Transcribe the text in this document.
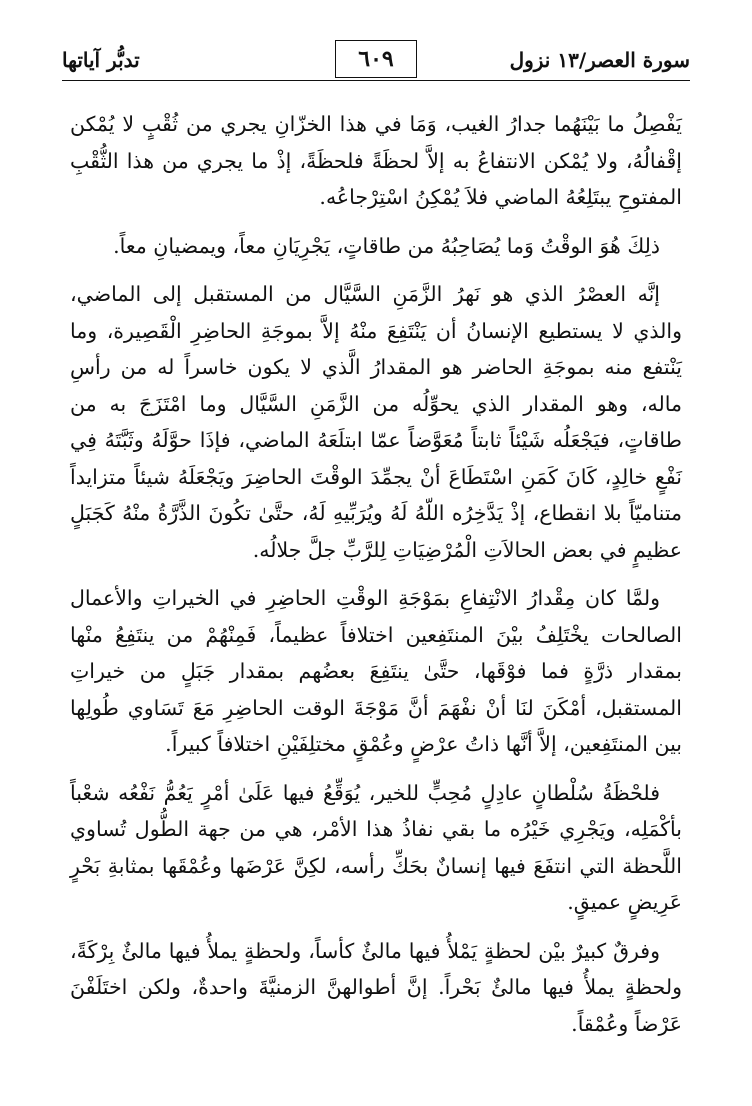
سورة العصر/١٣ نزول
٦٠٩
تدبُّر آياتها

يَفْصِلُ ما بَيْنَهُما جدارُ الغيب، وَمَا في هذا الخزّانِ يجري من ثُقْبٍ لا يُمْكن إقْفالُهُ، ولا يُمْكن الانتفاعُ به إلاَّ لحظَةً فلحظَةً، إذْ ما يجري من هذا الثُّقْبِ المفتوحِ يبتَلِعُهُ الماضي فلاَ يُمْكِنُ اسْتِرْجاعُه.

ذلِكَ هُوَ الوقْتُ وَما يُصَاحِبُهُ من طاقاتٍ، يَجْرِيَانِ معاً، ويمضيانِ معاً.

إنَّه العصْرُ الذي هو نَهرُ الزَّمَنِ السَّيَّال من المستقبل إلى الماضي، والذي لا يستطيع الإنسانُ أن يَنْتَفِعَ منْهُ إلاَّ بموجَةِ الحاضِرِ الْقَصِيرة، وما يَنْتفع منه بموجَةِ الحاضر هو المقدارُ الَّذي لا يكون خاسراً له من رأسِ ماله، وهو المقدار الذي يحوِّلُه من الزَّمَنِ السَّيَّال وما امْتَزَجَ به من طاقاتٍ، فيَجْعَلُه شَيْئاً ثابتاً مُعَوَّضاً عمّا ابتلَعَهُ الماضي، فإذَا حوَّلَهُ وثَبَّتَهُ فِي نَفْعٍ خالِدٍ، كَانَ كَمَنِ اسْتَطَاعَ أنْ يجمِّدَ الوقْتَ الحاضِرَ ويَجْعَلَهُ شيئاً متزايداً متناميّاً بلا انقطاع، إذْ يَدَّخِرُه اللّهُ لَهُ ويُرَبِّيهِ لَهُ، حتَّىٰ تكُونَ الذَّرَّةُ منْهُ كَجَبَلٍ عظيمٍ في بعض الحالاَتِ الْمُرْضِيَاتِ لِلرَّبِّ جلَّ جلالُه.

ولمَّا كان مِقْدارُ الانْتِفاعِ بمَوْجَةِ الوقْتِ الحاضِرِ في الخيراتِ والأعمال الصالحات يخْتَلِفُ بيْنَ المنتَفِعين اختلافاً عظيماً، فَمِنْهُمْ من ينتَفِعُ منْها بمقدار ذرَّةٍ فما فوْقَها، حتَّىٰ ينتَفِعَ بعضُهم بمقدار جَبَلٍ من خيراتِ المستقبل، أمْكَنَ لنَا أنْ نفْهَمَ أنَّ مَوْجَةَ الوقت الحاضِرِ مَعَ تَسَاوي طُولِها بين المنتَفِعين، إلاَّ أنَّها ذاتُ عرْضٍ وعُمْقٍ مختلِفَيْنِ اختلافاً كبيراً.

فلحْظَةُ سُلْطانٍ عادِلٍ مُحِبٍّ للخير، يُوَقِّعُ فيها عَلَىٰ أمْرٍ يَعُمُّ نَفْعُه شعْباً بأكْمَلِه، ويَجْرِي خَيْرُه ما بقي نفاذُ هذا الأمْر، هي من جهة الطُّول تُساوي اللَّحظة التي انتفَعَ فيها إنسانٌ بحَكِّ رأسه، لكِنَّ عَرْضَها وعُمْقَها بمثابةِ بَحْرٍ عَرِيضٍ عميقٍ.

وفرقٌ كبيرٌ بيْن لحظةٍ يَمْلأُ فيها مالئٌ كأساً، ولحظةٍ يملأُ فيها مالئٌ بِرْكَةً، ولحظةٍ يملأُ فيها مالئٌ بَحْراً. إنَّ أطوالهنَّ الزمنيَّةَ واحدةٌ، ولكن اختَلَفْنَ عَرْضاً وعُمْقاً.
